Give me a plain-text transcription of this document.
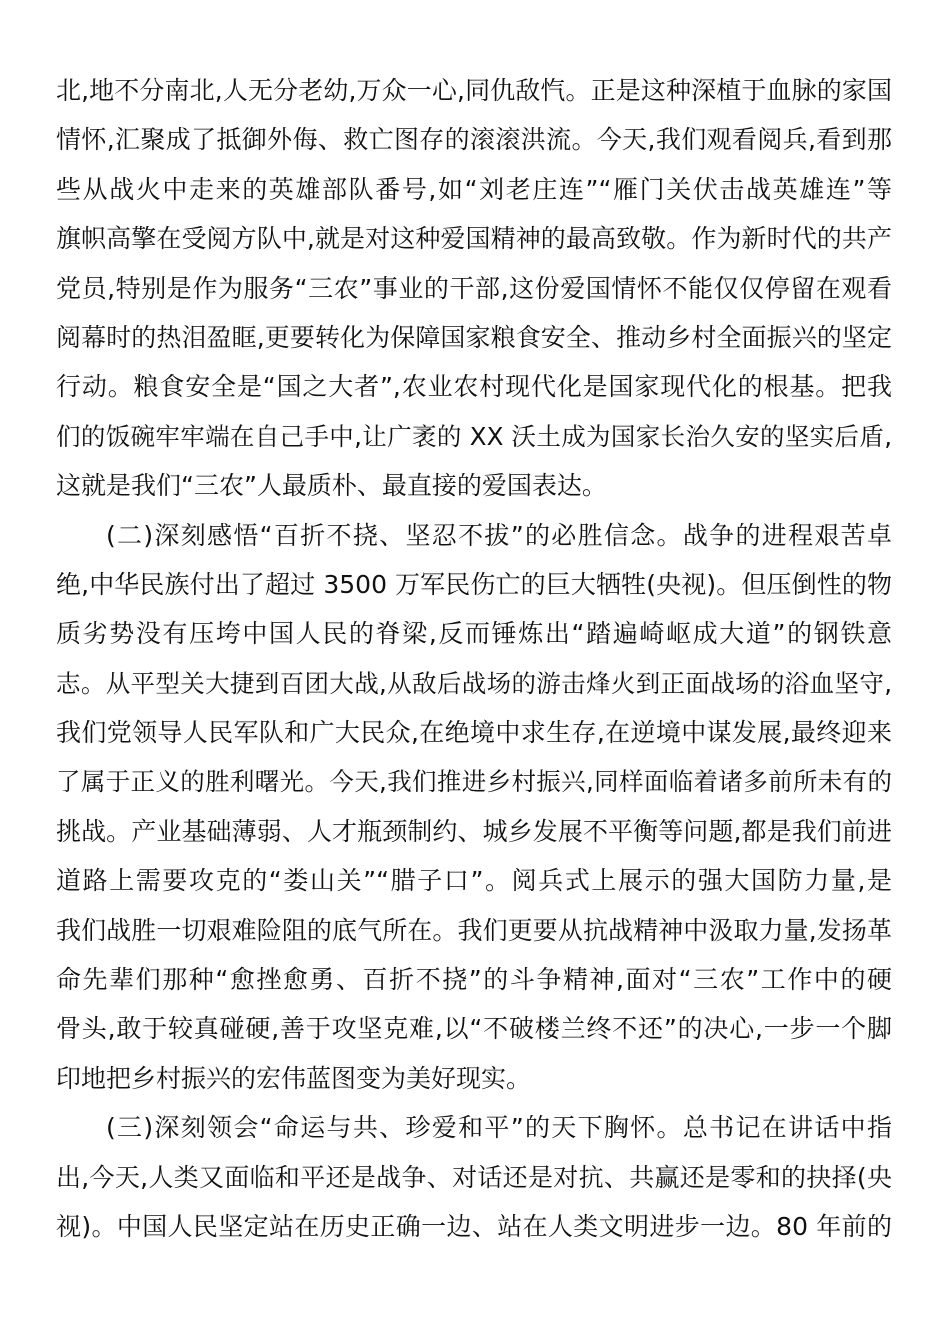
北,地不分南北,人无分老幼,万众一心,同仇敌忾。正是这种深植于血脉的家国
情怀,汇聚成了抵御外侮、救亡图存的滚滚洪流。今天,我们观看阅兵,看到那
些从战火中走来的英雄部队番号,如“刘老庄连”“雁门关伏击战英雄连”等
旗帜高擎在受阅方队中,就是对这种爱国精神的最高致敬。作为新时代的共产
党员,特别是作为服务“三农”事业的干部,这份爱国情怀不能仅仅停留在观看
阅幕时的热泪盈眶,更要转化为保障国家粮食安全、推动乡村全面振兴的坚定
行动。粮食安全是“国之大者”,农业农村现代化是国家现代化的根基。把我
们的饭碗牢牢端在自己手中,让广袤的 XX 沃土成为国家长治久安的坚实后盾,
这就是我们“三农”人最质朴、最直接的爱国表达。
(二)深刻感悟“百折不挠、坚忍不拔”的必胜信念。战争的进程艰苦卓
绝,中华民族付出了超过 3500 万军民伤亡的巨大牺牲(央视)。但压倒性的物
质劣势没有压垮中国人民的脊梁,反而锤炼出“踏遍崎岖成大道”的钢铁意
志。从平型关大捷到百团大战,从敌后战场的游击烽火到正面战场的浴血坚守,
我们党领导人民军队和广大民众,在绝境中求生存,在逆境中谋发展,最终迎来
了属于正义的胜利曙光。今天,我们推进乡村振兴,同样面临着诸多前所未有的
挑战。产业基础薄弱、人才瓶颈制约、城乡发展不平衡等问题,都是我们前进
道路上需要攻克的“娄山关”“腊子口”。阅兵式上展示的强大国防力量,是
我们战胜一切艰难险阻的底气所在。我们更要从抗战精神中汲取力量,发扬革
命先辈们那种“愈挫愈勇、百折不挠”的斗争精神,面对“三农”工作中的硬
骨头,敢于较真碰硬,善于攻坚克难,以“不破楼兰终不还”的决心,一步一个脚
印地把乡村振兴的宏伟蓝图变为美好现实。
(三)深刻领会“命运与共、珍爱和平”的天下胸怀。总书记在讲话中指
出,今天,人类又面临和平还是战争、对话还是对抗、共赢还是零和的抉择(央
视)。中国人民坚定站在历史正确一边、站在人类文明进步一边。80 年前的
